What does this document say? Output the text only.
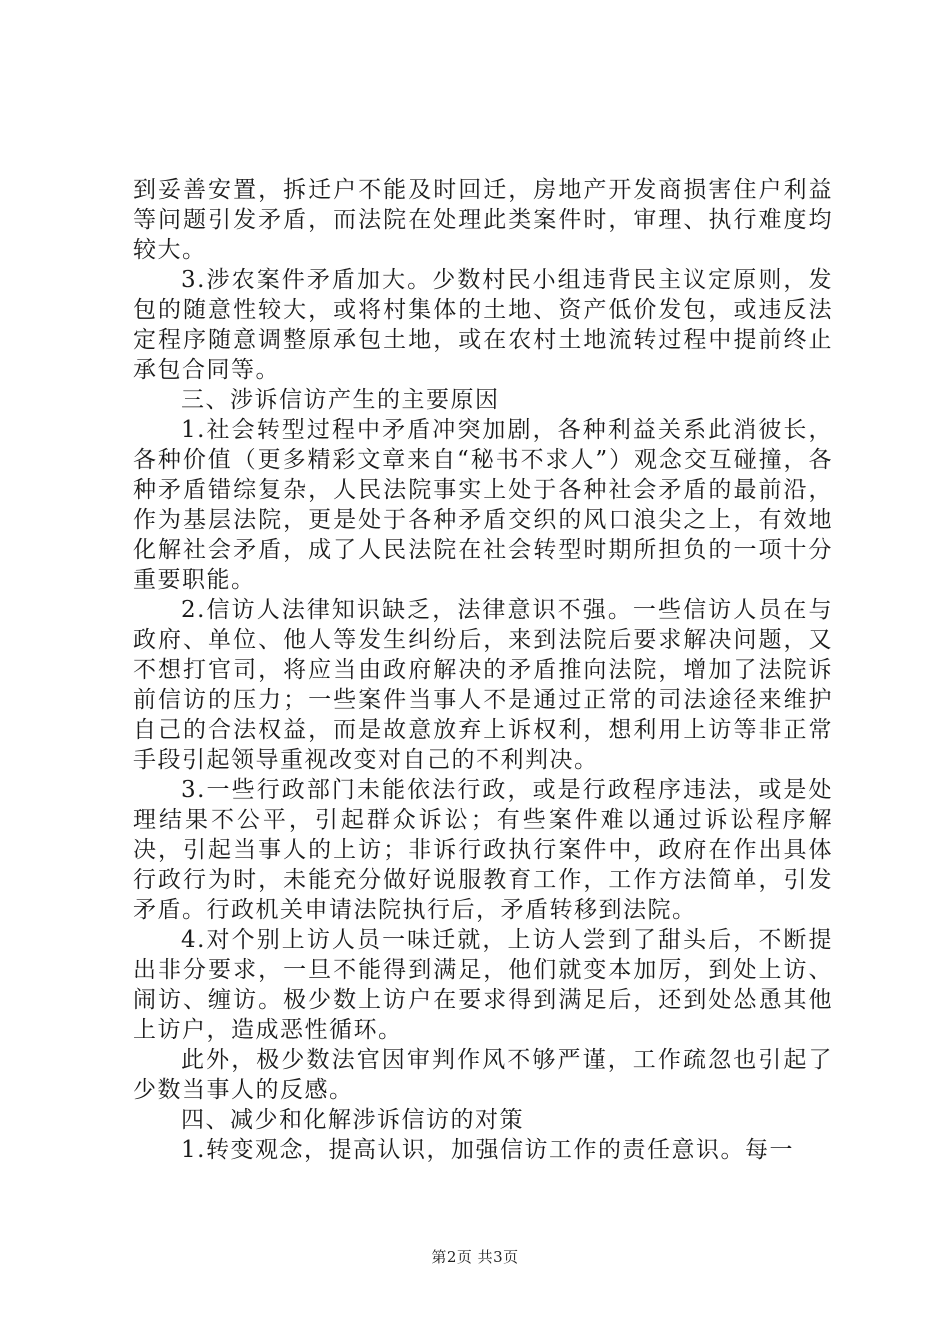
到妥善安置，拆迁户不能及时回迁，房地产开发商损害住户利益等问题引发矛盾，而法院在处理此类案件时，审理、执行难度均较大。

3.涉农案件矛盾加大。少数村民小组违背民主议定原则，发包的随意性较大，或将村集体的土地、资产低价发包，或违反法定程序随意调整原承包土地，或在农村土地流转过程中提前终止承包合同等。

三、涉诉信访产生的主要原因

1.社会转型过程中矛盾冲突加剧，各种利益关系此消彼长，各种价值（更多精彩文章来自“秘书不求人”）观念交互碰撞，各种矛盾错综复杂，人民法院事实上处于各种社会矛盾的最前沿，作为基层法院，更是处于各种矛盾交织的风口浪尖之上，有效地化解社会矛盾，成了人民法院在社会转型时期所担负的一项十分重要职能。

2.信访人法律知识缺乏，法律意识不强。一些信访人员在与政府、单位、他人等发生纠纷后，来到法院后要求解决问题，又不想打官司，将应当由政府解决的矛盾推向法院，增加了法院诉前信访的压力；一些案件当事人不是通过正常的司法途径来维护自己的合法权益，而是故意放弃上诉权利，想利用上访等非正常手段引起领导重视改变对自己的不利判决。

3.一些行政部门未能依法行政，或是行政程序违法，或是处理结果不公平，引起群众诉讼；有些案件难以通过诉讼程序解决，引起当事人的上访；非诉行政执行案件中，政府在作出具体行政行为时，未能充分做好说服教育工作，工作方法简单，引发矛盾。行政机关申请法院执行后，矛盾转移到法院。

4.对个别上访人员一味迁就，上访人尝到了甜头后，不断提出非分要求，一旦不能得到满足，他们就变本加厉，到处上访、闹访、缠访。极少数上访户在要求得到满足后，还到处怂恿其他上访户，造成恶性循环。

此外，极少数法官因审判作风不够严谨，工作疏忽也引起了少数当事人的反感。

四、减少和化解涉诉信访的对策

1.转变观念，提高认识，加强信访工作的责任意识。每一

第2页 共3页
